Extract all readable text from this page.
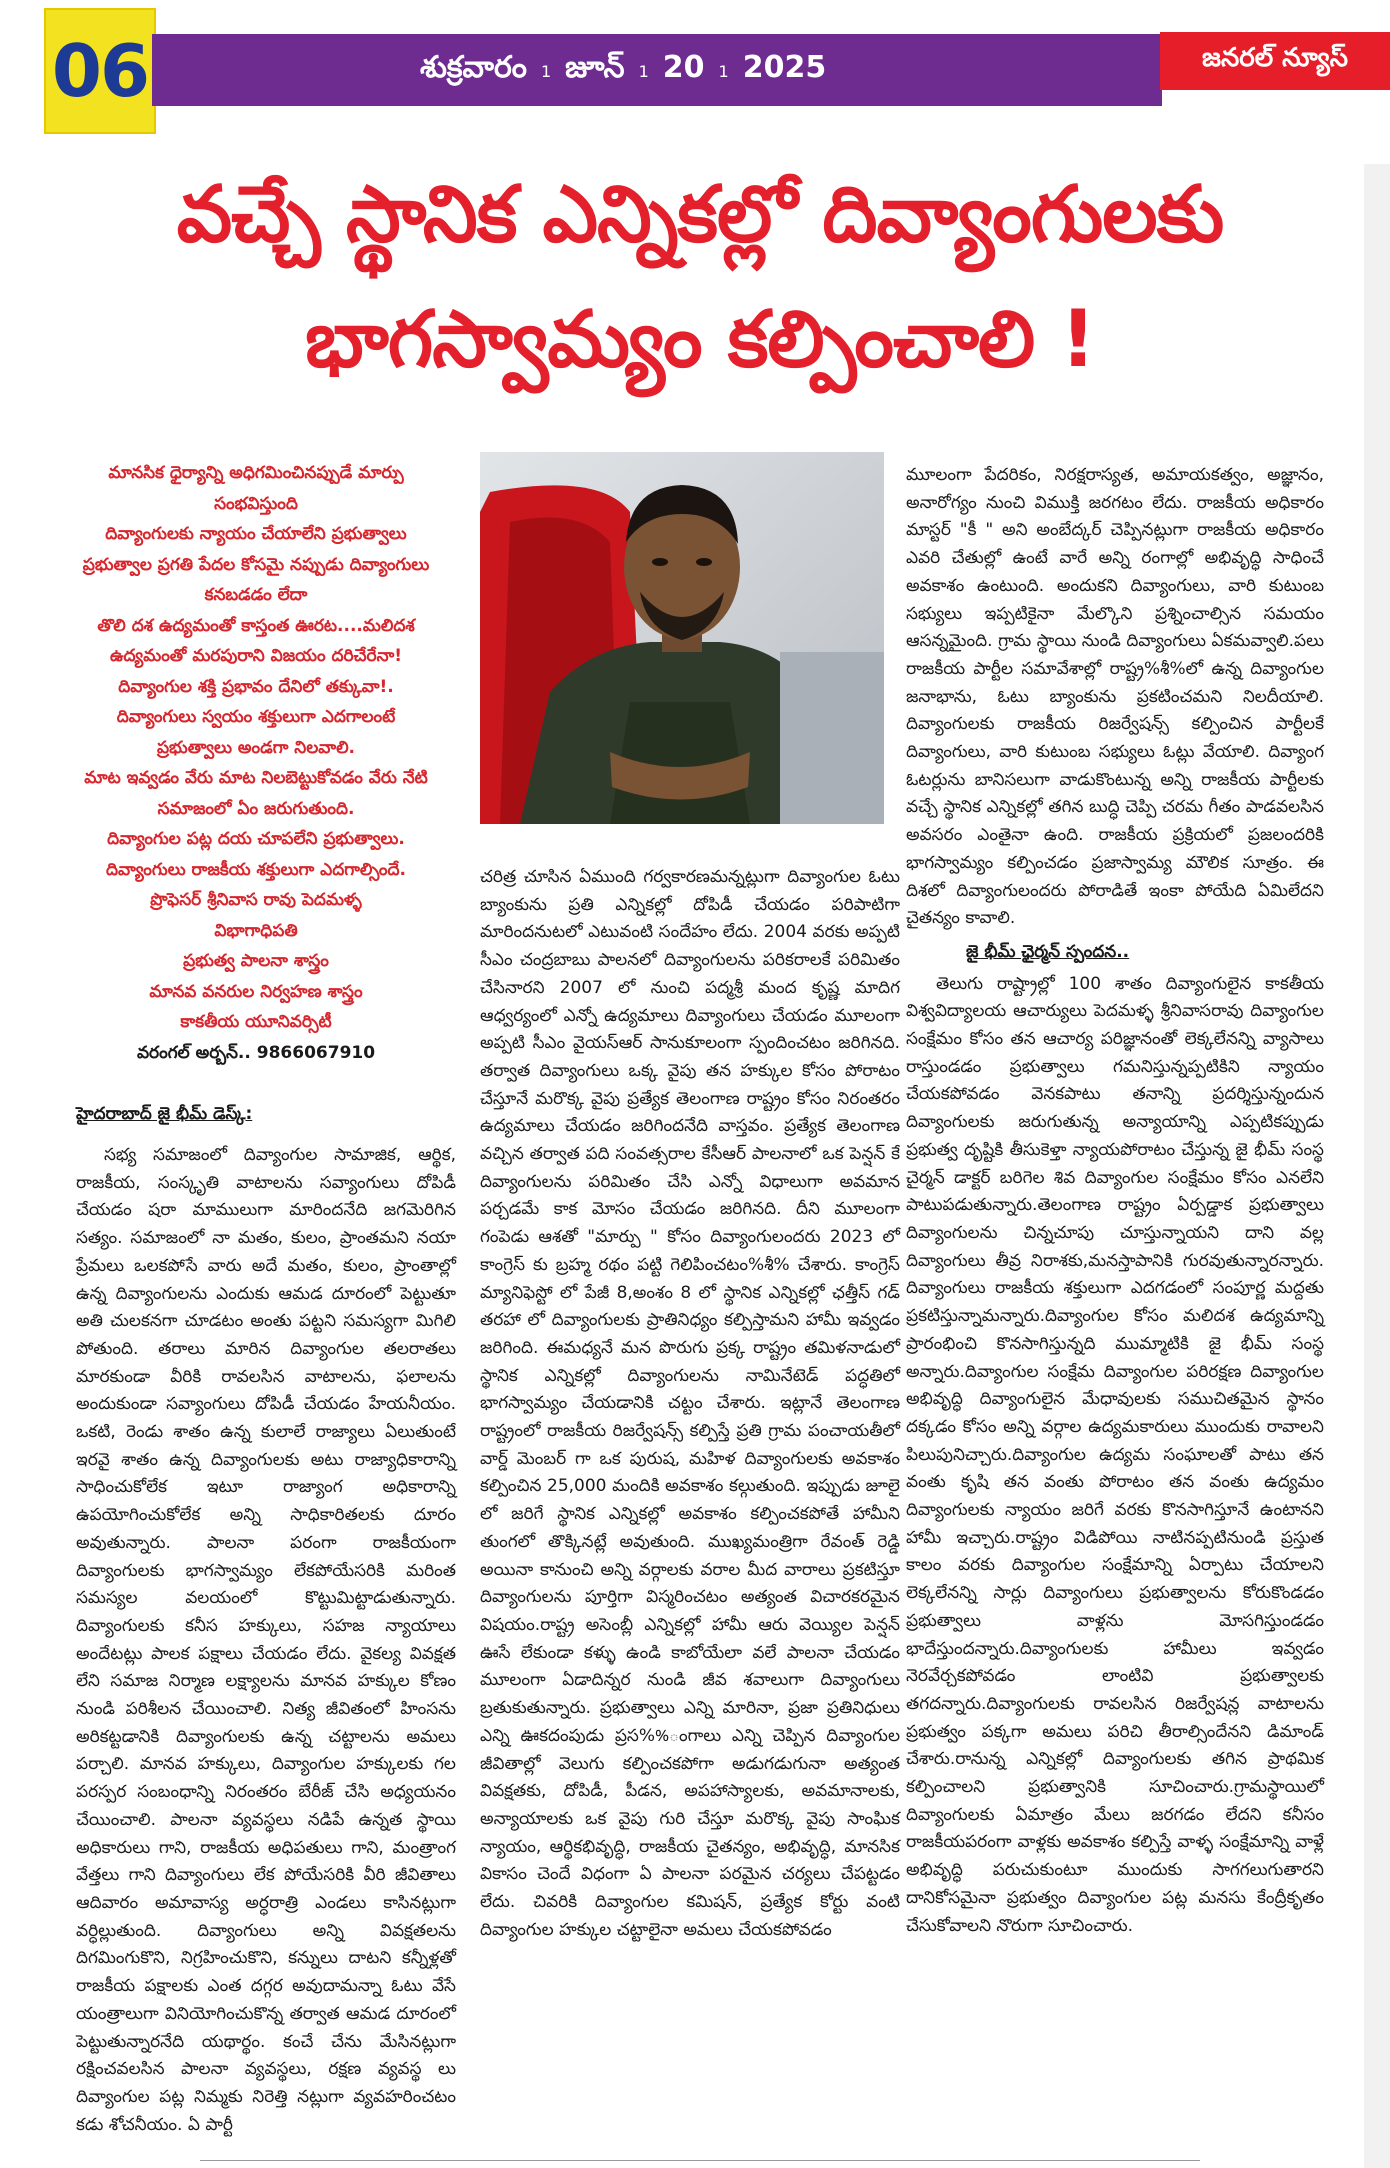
06	శుక్రవారం 1 జూన్ 1 20 1 2025	జనరల్ న్యూస్
వచ్చే స్థానిక ఎన్నికల్లో దివ్యాంగులకు
భాగస్వామ్యం కల్పించాలి !
మానసిక ధైర్యాన్ని అధిగమించినప్పుడే మార్పు
సంభవిస్తుంది
దివ్యాంగులకు న్యాయం చేయాలేని ప్రభుత్వాలు
ప్రభుత్వాల ప్రగతి పేదల కోసమై నప్పుడు దివ్యాంగులు
కనబడడం లేదా
తొలి దశ ఉద్యమంతో కాస్తంత ఊరట....మలిదశ
ఉద్యమంతో మరపురాని విజయం దరిచేరేనా!
దివ్యాంగుల శక్తి ప్రభావం దేనిలో తక్కువా!.
దివ్యాంగులు స్వయం శక్తులుగా ఎదగాలంటే
ప్రభుత్వాలు అండగా నిలవాలి.
మాట ఇవ్వడం వేరు మాట నిలబెట్టుకోవడం వేరు నేటి
సమాజంలో ఏం జరుగుతుంది.
దివ్యాంగుల పట్ల దయ చూపలేని ప్రభుత్వాలు.
దివ్యాంగులు రాజకీయ శక్తులుగా ఎదగాల్సిందే.
ప్రొఫెసర్ శ్రీనివాస రావు పెదమళ్ళ
విభాగాధిపతి
ప్రభుత్వ పాలనా శాస్త్రం
మానవ వనరుల నిర్వహణ శాస్త్రం
కాకతీయ యూనివర్సిటీ
వరంగల్ అర్బన్.. 9866067910
హైదరాబాద్ జై భీమ్ డెస్క్:
సభ్య సమాజంలో దివ్యాంగుల సామాజిక, ఆర్థిక, రాజకీయ, సంస్కృతి వాటాలను సవ్యాంగులు దోపిడీ చేయడం షరా మాములుగా మారిందనేది జగమెరిగిన సత్యం. సమాజంలో నా మతం, కులం, ప్రాంతమని నయా ప్రేమలు ఒలకపోసే వారు అదే మతం, కులం, ప్రాంతాల్లో ఉన్న దివ్యాంగులను ఎందుకు ఆమడ దూరంలో పెట్టుతూ అతి చులకనగా చూడటం అంతు పట్టని సమస్యగా మిగిలి పోతుంది. తరాలు మారిన దివ్యాంగుల తలరాతలు మారకుండా వీరికి రావలసిన వాటాలను, ఫలాలను అందుకుండా సవ్యాంగులు దోపిడీ చేయడం హేయనీయం. ఒకటి, రెండు శాతం ఉన్న కులాలే రాజ్యాలు ఏలుతుంటే ఇరవై శాతం ఉన్న దివ్యాంగులకు అటు రాజ్యాధికారాన్ని సాధించుకోలేక ఇటూ రాజ్యాంగ అధికారాన్ని ఉపయోగించుకోలేక అన్ని సాధికారితలకు దూరం అవుతున్నారు. పాలనా పరంగా రాజకీయంగా దివ్యాంగులకు భాగస్వామ్యం లేకపోయేసరికి మరింత సమస్యల వలయంలో కొట్టుమిట్టాడుతున్నారు. దివ్యాంగులకు కనీస హక్కులు, సహజ న్యాయాలు అందేటట్లు పాలక పక్షాలు చేయడం లేదు. వైకల్య వివక్షత లేని సమాజ నిర్మాణ లక్ష్యాలను మానవ హక్కుల కోణం నుండి పరిశీలన చేయించాలి. నిత్య జీవితంలో హింసను అరికట్టడానికి దివ్యాంగులకు ఉన్న చట్టాలను అమలు పర్చాలి. మానవ హక్కులు, దివ్యాంగుల హక్కులకు గల పరస్పర సంబంధాన్ని నిరంతరం బేరీజ్ చేసి అధ్యయనం చేయించాలి. పాలనా వ్యవస్థలు నడిపే ఉన్నత స్థాయి అధికారులు గాని, రాజకీయ అధిపతులు గాని, మంత్రాంగ వేత్తలు గాని దివ్యాంగులు లేక పోయేసరికి వీరి జీవితాలు ఆదివారం అమావాస్య అర్ధరాత్రి ఎండలు కాసినట్లుగా వర్ధిల్లుతుంది. దివ్యాంగులు అన్ని వివక్షతలను దిగమింగుకొని, నిగ్రహించుకొని, కన్నులు దాటని కన్నీళ్లతో రాజకీయ పక్షాలకు ఎంత దగ్గర అవుదామన్నా ఓటు వేసే యంత్రాలుగా వినియోగించుకొన్న తర్వాత ఆమడ దూరంలో పెట్టుతున్నారనేది యథార్థం. కంచే చేను మేసినట్లుగా రక్షించవలసిన పాలనా వ్యవస్థలు, రక్షణ వ్యవస్థ లు దివ్యాంగుల పట్ల నిమ్మకు నిరెత్తి నట్లుగా వ్యవహరించటం కడు శోచనీయం. ఏ పార్టీ
చరిత్ర చూసిన ఏముంది గర్వకారణమన్నట్లుగా దివ్యాంగుల ఓటు బ్యాంకును ప్రతి ఎన్నికల్లో దోపిడీ చేయడం పరిపాటిగా మారిందనుటలో ఎటువంటి సందేహం లేదు. 2004 వరకు అప్పటి సీఎం చంద్రబాబు పాలనలో దివ్యాంగులను పరికరాలకే పరిమితం చేసినారని 2007 లో నుంచి పద్మశ్రీ మంద కృష్ణ మాదిగ ఆధ్వర్యంలో ఎన్నో ఉద్యమాలు దివ్యాంగులు చేయడం మూలంగా అప్పటి సీఎం వైయస్ఆర్ సానుకూలంగా స్పందించటం జరిగినది. తర్వాత దివ్యాంగులు ఒక్క వైపు తన హక్కుల కోసం పోరాటం చేస్తూనే మరొక్క వైపు ప్రత్యేక తెలంగాణ రాష్ట్రం కోసం నిరంతరం ఉద్యమాలు చేయడం జరిగిందనేది వాస్తవం. ప్రత్యేక తెలంగాణ వచ్చిన తర్వాత పది సంవత్సరాల కేసీఆర్ పాలనాలో ఒక పెన్షన్ కే దివ్యాంగులను పరిమితం చేసి ఎన్నో విధాలుగా అవమాన పర్చడమే కాక మోసం చేయడం జరిగినది. దీని మూలంగా గంపెడు ఆశతో "మార్పు " కోసం దివ్యాంగులందరు 2023 లో కాంగ్రెస్ కు బ్రహ్మ రథం పట్టి గెలిపించటం%శీ% చేశారు. కాంగ్రెస్ మ్యానిఫెస్టో లో పేజీ 8,అంశం 8 లో స్థానిక ఎన్నికల్లో ఛత్తీస్ గడ్ తరహా లో దివ్యాంగులకు ప్రాతినిధ్యం కల్పిస్తామని హామీ ఇవ్వడం జరిగింది. ఈమధ్యనే మన పొరుగు ప్రక్క రాష్ట్రం తమిళనాడులో స్థానిక ఎన్నికల్లో దివ్యాంగులను నామినేటెడ్ పద్ధతిలో భాగస్వామ్యం చేయడానికి చట్టం చేశారు. ఇట్లానే తెలంగాణ రాష్ట్రంలో రాజకీయ రిజర్వేషన్స్ కల్పిస్తే ప్రతి గ్రామ పంచాయతీలో వార్డ్ మెంబర్ గా ఒక పురుష, మహిళ దివ్యాంగులకు అవకాశం కల్పించిన 25,000 మందికి అవకాశం కల్గుతుంది. ఇప్పుడు జూలై లో జరిగే స్థానిక ఎన్నికల్లో అవకాశం కల్పించకపోతే హామీని తుంగలో తొక్కినట్లే అవుతుంది. ముఖ్యమంత్రిగా రేవంత్ రెడ్డి అయినా కానుంచి అన్ని వర్గాలకు వరాల మీద వారాలు ప్రకటిస్తూ దివ్యాంగులను పూర్తిగా విస్మరించటం అత్యంత విచారకరమైన విషయం.రాష్ట్ర అసెంబ్లీ ఎన్నికల్లో హామీ ఆరు వెయ్యిల పెన్షన్ ఊసే లేకుండా కళ్ళు ఉండి కాబోయేలా వలే పాలనా చేయడం మూలంగా ఏడాదిన్నర నుండి జీవ శవాలుగా దివ్యాంగులు బ్రతుకుతున్నారు. ప్రభుత్వాలు ఎన్ని మారినా, ప్రజా ప్రతినిధులు ఎన్ని ఊకదంపుడు ప్రస%%ంగాలు ఎన్ని చెప్పిన దివ్యాంగుల జీవితాల్లో వెలుగు కల్పించకపోగా అడుగడుగునా అత్యంత వివక్షతకు, దోపిడీ, పీడన, అపహాస్యాలకు, అవమానాలకు, అన్యాయాలకు ఒక వైపు గురి చేస్తూ మరొక్క వైపు సాంఘిక న్యాయం, ఆర్థికభివృద్ధి, రాజకీయ చైతన్యం, అభివృద్ధి, మానసిక వికాసం చెందే విధంగా ఏ పాలనా పరమైన చర్యలు చేపట్టడం లేదు. చివరికి దివ్యాంగుల కమిషన్, ప్రత్యేక కోర్టు వంటి దివ్యాంగుల హక్కుల చట్టాలైనా అమలు చేయకపోవడం

మూలంగా పేదరికం, నిరక్షరాస్యత, అమాయకత్వం, అజ్ఞానం, అనారోగ్యం నుంచి విముక్తి జరగటం లేదు. రాజకీయ అధికారం మాస్టర్ "కీ " అని అంబేద్కర్ చెప్పినట్లుగా రాజకీయ అధికారం ఎవరి చేతుల్లో ఉంటే వారే అన్ని రంగాల్లో అభివృద్ధి సాధించే అవకాశం ఉంటుంది. అందుకని దివ్యాంగులు, వారి కుటుంబ సభ్యులు ఇప్పటికైనా మేల్కొని ప్రశ్నించాల్సిన సమయం ఆసన్నమైంది. గ్రామ స్థాయి నుండి దివ్యాంగులు ఏకమవ్వాలి.పలు రాజకీయ పార్టీల సమావేశాల్లో రాష్ట్ర%శీ%లో ఉన్న దివ్యాంగుల జనాభాను, ఓటు బ్యాంకును ప్రకటించమని నిలదీయాలి. దివ్యాంగులకు రాజకీయ రిజర్వేషన్స్ కల్పించిన పార్టీలకే దివ్యాంగులు, వారి కుటుంబ సభ్యులు ఓట్లు వేయాలి. దివ్యాంగ ఓటర్లును బానిసలుగా వాడుకొంటున్న అన్ని రాజకీయ పార్టీలకు వచ్చే స్థానిక ఎన్నికల్లో తగిన బుద్ధి చెప్పి చరమ గీతం పాడవలసిన అవసరం ఎంతైనా ఉంది. రాజకీయ ప్రక్రియలో ప్రజలందరికి భాగస్వామ్యం కల్పించడం ప్రజాస్వామ్య మౌలిక సూత్రం. ఈ దిశలో దివ్యాంగులందరు పోరాడితే ఇంకా పోయేది ఏమిలేదని చైతన్యం కావాలి.

జై భీమ్ ఛైర్మన్ స్పందన..

తెలుగు రాష్ట్రాల్లో 100 శాతం దివ్యాంగులైన కాకతీయ విశ్వవిద్యాలయ ఆచార్యులు పెదమళ్ళ శ్రీనివాసరావు దివ్యాంగుల సంక్షేమం కోసం తన ఆచార్య పరిజ్ఞానంతో లెక్కలేనన్ని వ్యాసాలు రాస్తుండడం ప్రభుత్వాలు గమనిస్తున్నప్పటికిని న్యాయం చేయకపోవడం వెనకపాటు తనాన్ని ప్రదర్శిస్తున్నందున దివ్యాంగులకు జరుగుతున్న అన్యాయాన్ని ఎప్పటికప్పుడు ప్రభుత్వ దృష్టికి తీసుకెళ్తా న్యాయపోరాటం చేస్తున్న జై భీమ్ సంస్థ చైర్మన్ డాక్టర్ బరిగెల శివ దివ్యాంగుల సంక్షేమం కోసం ఎనలేని పాటుపడుతున్నారు.తెలంగాణ రాష్ట్రం ఏర్పడ్డాక ప్రభుత్వాలు దివ్యాంగులను చిన్నచూపు చూస్తున్నాయని దాని వల్ల దివ్యాంగులు తీవ్ర నిరాశకు,మనస్తాపానికి గురవుతున్నారన్నారు. దివ్యాంగులు రాజకీయ శక్తులుగా ఎదగడంలో సంపూర్ణ మద్దతు ప్రకటిస్తున్నామన్నారు.దివ్యాంగుల కోసం మలిదశ ఉద్యమాన్ని ప్రారంభించి కొనసాగిస్తున్నది ముమ్మాటికి జై భీమ్ సంస్థ అన్నారు.దివ్యాంగుల సంక్షేమ దివ్యాంగుల పరిరక్షణ దివ్యాంగుల అభివృద్ధి దివ్యాంగులైన మేధావులకు సముచితమైన స్థానం దక్కడం కోసం అన్ని వర్గాల ఉద్యమకారులు ముందుకు రావాలని పిలుపునిచ్చారు.దివ్యాంగుల ఉద్యమ సంఘాలతో పాటు తన వంతు కృషి తన వంతు పోరాటం తన వంతు ఉద్యమం దివ్యాంగులకు న్యాయం జరిగే వరకు కొనసాగిస్తూనే ఉంటానని హామీ ఇచ్చారు.రాష్ట్రం విడిపోయి నాటినప్పటినుండి ప్రస్తుత కాలం వరకు దివ్యాంగుల సంక్షేమాన్ని ఏర్పాటు చేయాలని లెక్కలేనన్ని సార్లు దివ్యాంగులు ప్రభుత్వాలను కోరుకొండడం ప్రభుత్వాలు వాళ్లను మోసగిస్తుండడం భాదేస్తుందన్నారు.దివ్యాంగులకు హామీలు ఇవ్వడం నెరవేర్చకపోవడం లాంటివి ప్రభుత్వాలకు తగదన్నారు.దివ్యాంగులకు రావలసిన రిజర్వేషన్ల వాటాలను ప్రభుత్వం పక్కగా అమలు పరిచి తీరాల్సిందేనని డిమాండ్ చేశారు.రానున్న ఎన్నికల్లో దివ్యాంగులకు తగిన ప్రాథమిక కల్పించాలని ప్రభుత్వానికి సూచించారు.గ్రామస్థాయిలో దివ్యాంగులకు ఏమాత్రం మేలు జరగడం లేదని కనీసం రాజకీయపరంగా వాళ్లకు అవకాశం కల్పిస్తే వాళ్ళ సంక్షేమాన్ని వాళ్లే అభివృద్ధి పరుచుకుంటూ ముందుకు సాగగలుగుతారని దానికోసమైనా ప్రభుత్వం దివ్యాంగుల పట్ల మనసు కేంద్రీకృతం చేసుకోవాలని నొరుగా సూచించారు.
